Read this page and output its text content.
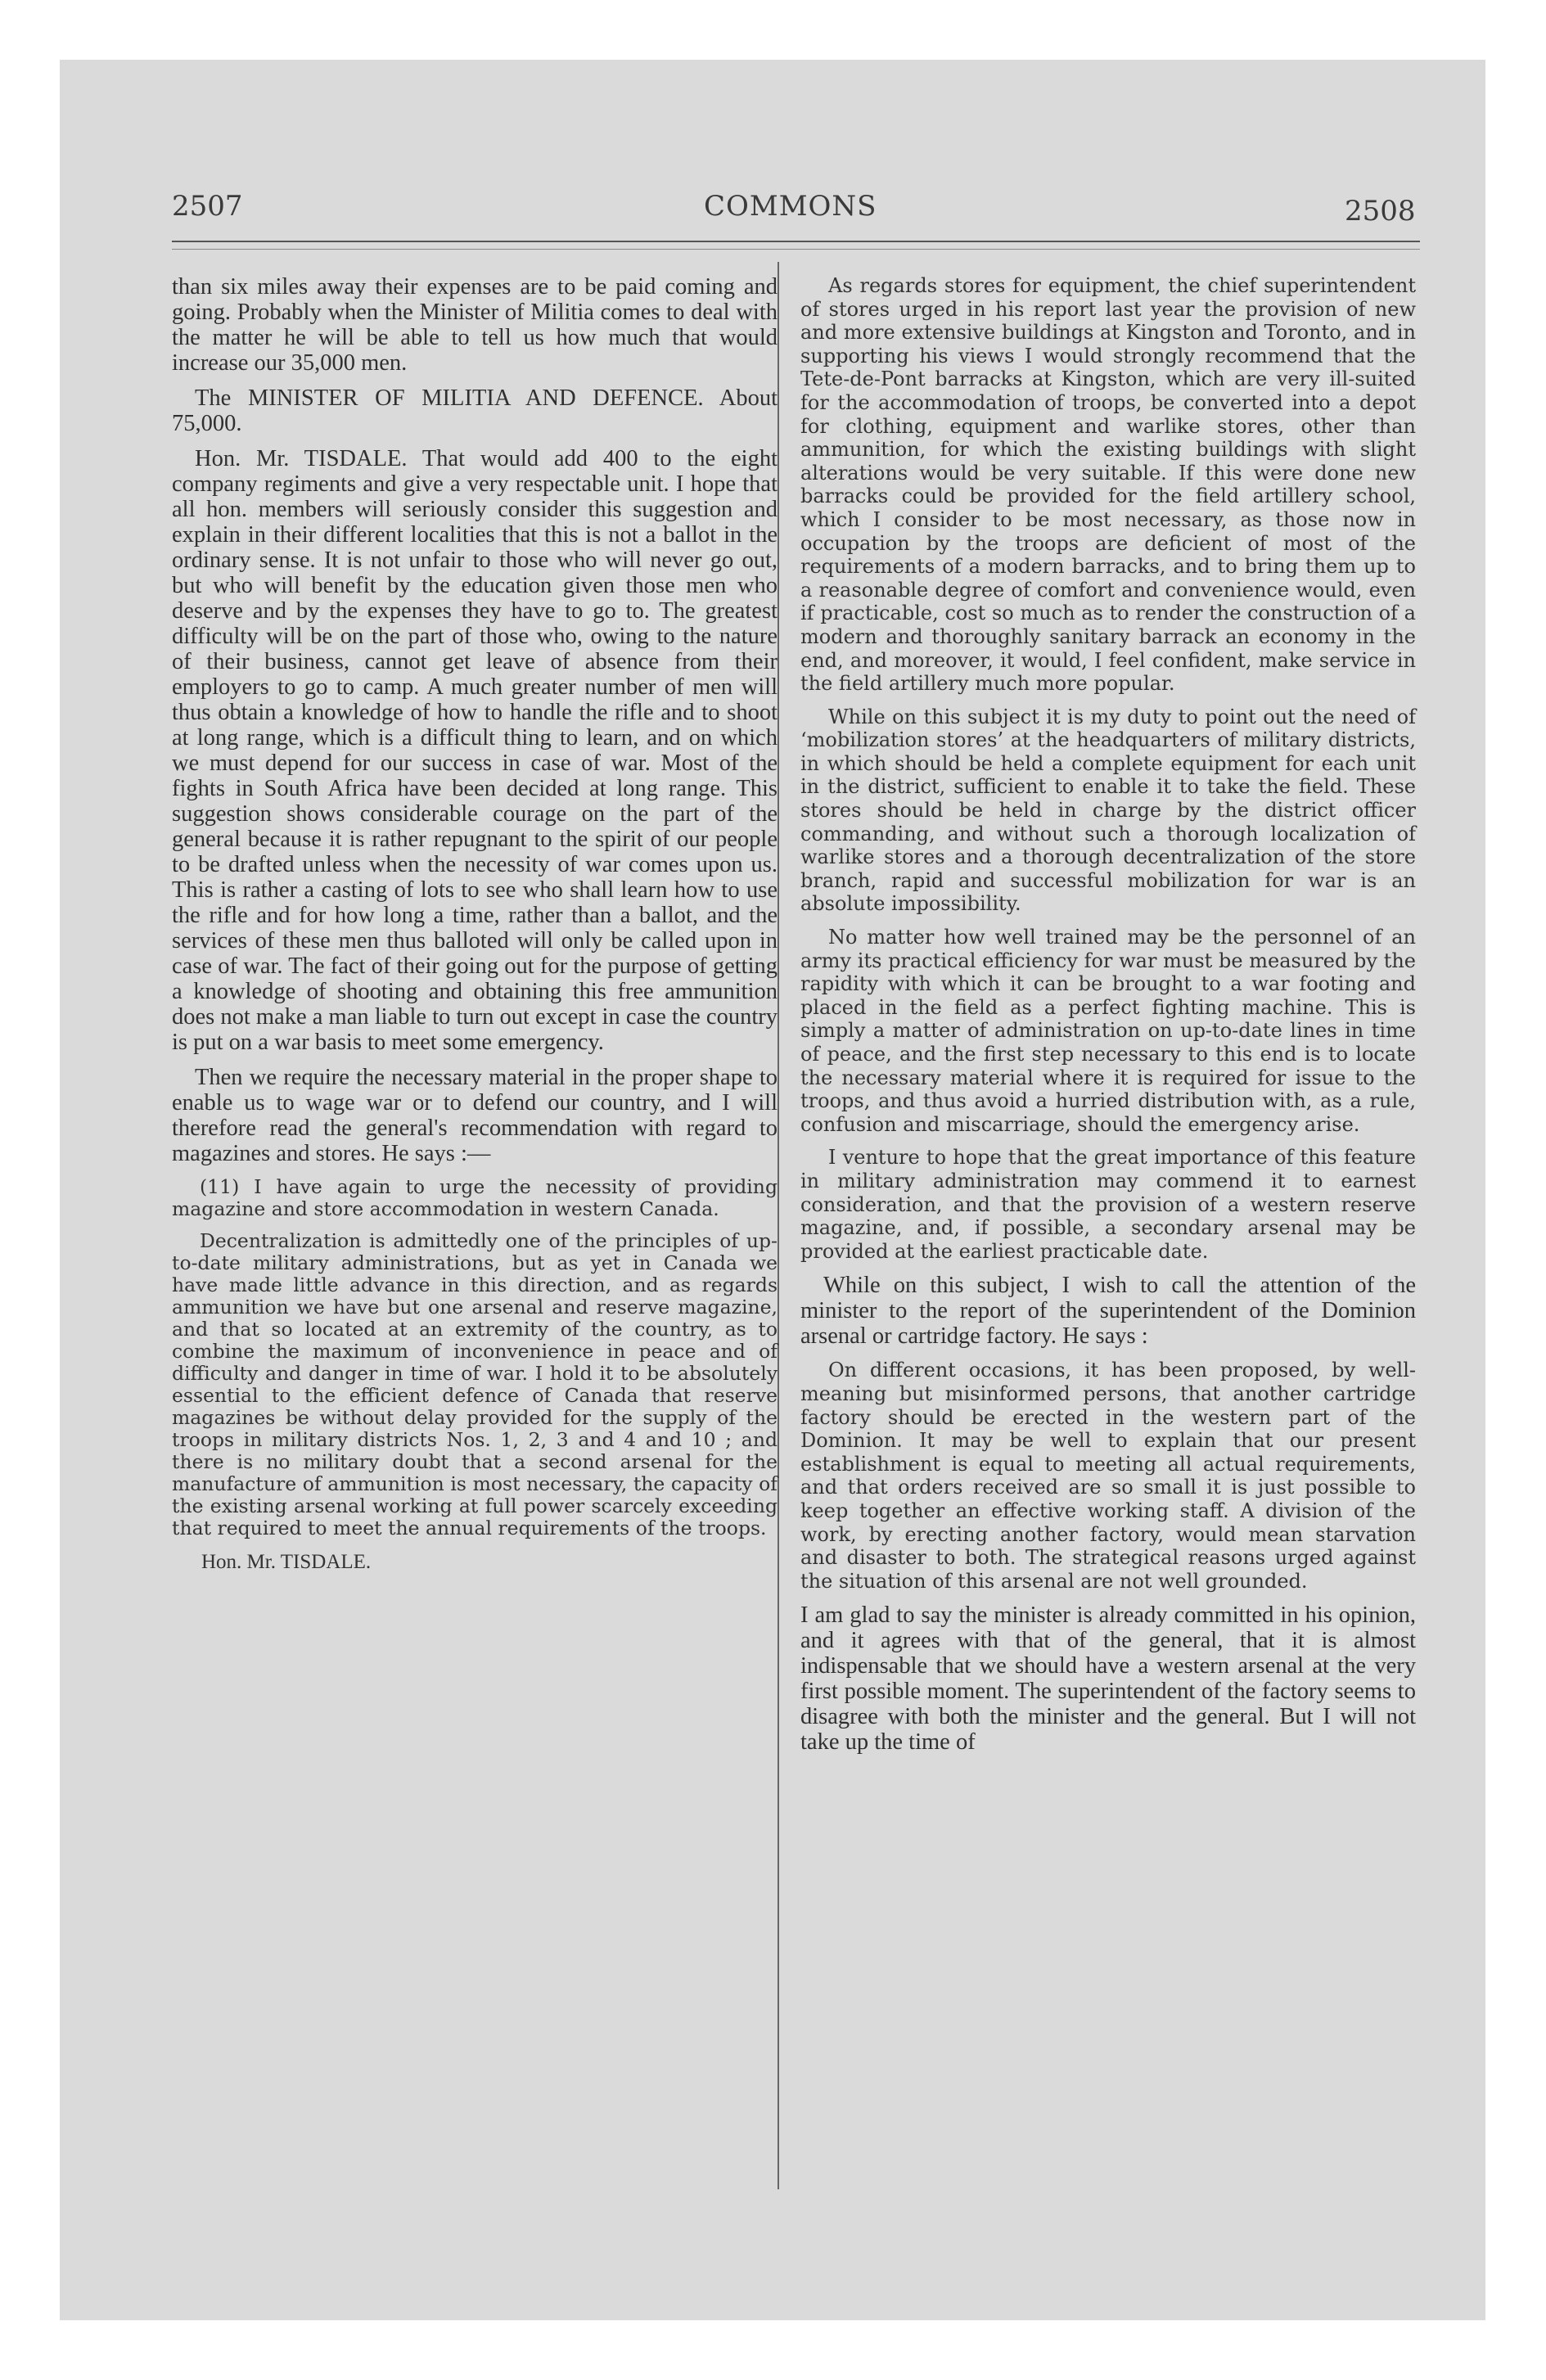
2507	COMMONS	2508

than six miles away their expenses are to be paid coming and going. Probably when the Minister of Militia comes to deal with the matter he will be able to tell us how much that would increase our 35,000 men.

The MINISTER OF MILITIA AND DEFENCE. About 75,000.

Hon. Mr. TISDALE. That would add 400 to the eight company regiments and give a very respectable unit. I hope that all hon. members will seriously consider this suggestion and explain in their different localities that this is not a ballot in the ordinary sense. It is not unfair to those who will never go out, but who will benefit by the education given those men who deserve and by the expenses they have to go to. The greatest difficulty will be on the part of those who, owing to the nature of their business, cannot get leave of absence from their employers to go to camp. A much greater number of men will thus obtain a knowledge of how to handle the rifle and to shoot at long range, which is a difficult thing to learn, and on which we must depend for our success in case of war. Most of the fights in South Africa have been decided at long range. This suggestion shows considerable courage on the part of the general because it is rather repugnant to the spirit of our people to be drafted unless when the necessity of war comes upon us. This is rather a casting of lots to see who shall learn how to use the rifle and for how long a time, rather than a ballot, and the services of these men thus balloted will only be called upon in case of war. The fact of their going out for the purpose of getting a knowledge of shooting and obtaining this free ammunition does not make a man liable to turn out except in case the country is put on a war basis to meet some emergency.

Then we require the necessary material in the proper shape to enable us to wage war or to defend our country, and I will therefore read the general's recommendation with regard to magazines and stores. He says :—

(11) I have again to urge the necessity of providing magazine and store accommodation in western Canada.

Decentralization is admittedly one of the principles of up-to-date military administrations, but as yet in Canada we have made little advance in this direction, and as regards ammunition we have but one arsenal and reserve magazine, and that so located at an extremity of the country, as to combine the maximum of inconvenience in peace and of difficulty and danger in time of war. I hold it to be absolutely essential to the efficient defence of Canada that reserve magazines be without delay provided for the supply of the troops in military districts Nos. 1, 2, 3 and 4 and 10 ; and there is no military doubt that a second arsenal for the manufacture of ammunition is most necessary, the capacity of the existing arsenal working at full power scarcely exceeding that required to meet the annual requirements of the troops.

Hon. Mr. TISDALE.

As regards stores for equipment, the chief superintendent of stores urged in his report last year the provision of new and more extensive buildings at Kingston and Toronto, and in supporting his views I would strongly recommend that the Tete-de-Pont barracks at Kingston, which are very ill-suited for the accommodation of troops, be converted into a depot for clothing, equipment and warlike stores, other than ammunition, for which the existing buildings with slight alterations would be very suitable. If this were done new barracks could be provided for the field artillery school, which I consider to be most necessary, as those now in occupation by the troops are deficient of most of the requirements of a modern barracks, and to bring them up to a reasonable degree of comfort and convenience would, even if practicable, cost so much as to render the construction of a modern and thoroughly sanitary barrack an economy in the end, and moreover, it would, I feel confident, make service in the field artillery much more popular.

While on this subject it is my duty to point out the need of ‘mobilization stores’ at the headquarters of military districts, in which should be held a complete equipment for each unit in the district, sufficient to enable it to take the field. These stores should be held in charge by the district officer commanding, and without such a thorough localization of warlike stores and a thorough decentralization of the store branch, rapid and successful mobilization for war is an absolute impossibility.

No matter how well trained may be the personnel of an army its practical efficiency for war must be measured by the rapidity with which it can be brought to a war footing and placed in the field as a perfect fighting machine. This is simply a matter of administration on up-to-date lines in time of peace, and the first step necessary to this end is to locate the necessary material where it is required for issue to the troops, and thus avoid a hurried distribution with, as a rule, confusion and miscarriage, should the emergency arise.

I venture to hope that the great importance of this feature in military administration may commend it to earnest consideration, and that the provision of a western reserve magazine, and, if possible, a secondary arsenal may be provided at the earliest practicable date.

While on this subject, I wish to call the attention of the minister to the report of the superintendent of the Dominion arsenal or cartridge factory. He says :

On different occasions, it has been proposed, by well-meaning but misinformed persons, that another cartridge factory should be erected in the western part of the Dominion. It may be well to explain that our present establishment is equal to meeting all actual requirements, and that orders received are so small it is just possible to keep together an effective working staff. A division of the work, by erecting another factory, would mean starvation and disaster to both. The strategical reasons urged against the situation of this arsenal are not well grounded.

I am glad to say the minister is already committed in his opinion, and it agrees with that of the general, that it is almost indispensable that we should have a western arsenal at the very first possible moment. The superintendent of the factory seems to disagree with both the minister and the general. But I will not take up the time of
